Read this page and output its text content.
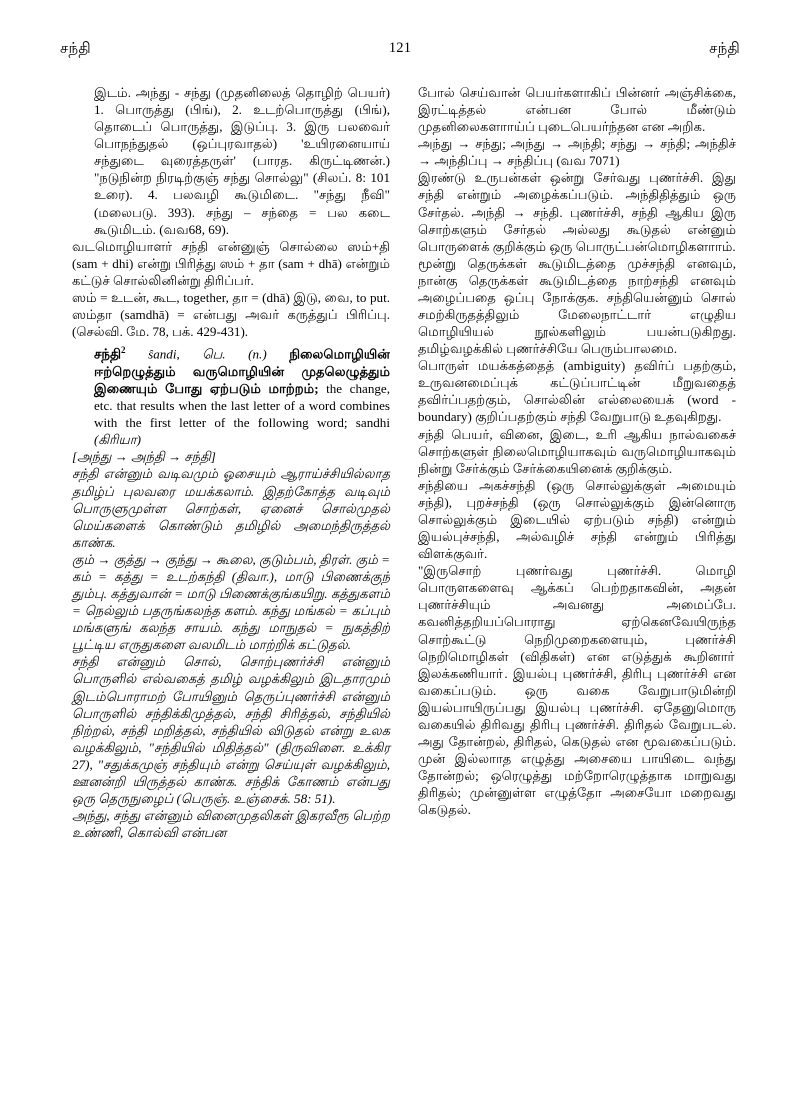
சந்தி	121	சந்தி

இடம். அந்து - சந்து (முதனிலைத் தொழிற் பெயர்) 1. பொருத்து (பிங்), 2. உடற்பொருத்து (பிங்), தொடைப் பொருத்து, இடுப்பு. 3. இரு பலவைர் பொநந்துதல் (ஒப்புரவாதல்) 'உயிரனையாய் சந்துடை வுரைத்தருள்' (பாரத. கிருட்டிணன்.) "நடுநின்ற நிரடிற்குஞ் சந்து சொல்லு" (சிலப். 8: 101 உரை). 4. பலவழி கூடுமிடை. "சந்து நீவி" (மலைபடு. 393). சந்து – சந்தை = பல கடை கூடுமிடம். (வவ68, 69).

வடமொழியாளர் சந்தி என்னுஞ் சொல்லை ஸம்+தி (sam + dhi) என்று பிரித்து ஸம் + தா (sam + dhā) என்றும் கட்டுச் சொல்லினின்று திரிப்பர்.

ஸம் = உடன், கூட, together, தா = (dhā) இடு, வை, to put. ஸம்தா (samdhā) = என்பது அவர் கருத்துப் பிரிப்பு. (செல்வி. மே. 78, பக். 429-431).

சந்தி$^2$ ŝandi, பெ. (n.) நிலைமொழியின் ஈற்றெழுத்தும் வருமொழியின் முதலெழுத்தும் இணையும் போது ஏற்படும் மாற்றம்; the change, etc. that results when the last letter of a word combines with the first letter of the following word; sandhi (கிரியா)

[அந்து → அந்தி → சந்தி]

சந்தி என்னும் வடிவமும் ஓசையும் ஆராய்ச்சியில்லாத தமிழ்ப் புலவரை மயக்கலாம். இதற்கோத்த வடிவும் பொருளுமுள்ள சொற்கள், ஏனைச் சொல்முதல் மெய்களைக் கொண்டும் தமிழில் அமைந்திருத்தல் காண்க.

கும் → குத்து → குந்து → கூலை, குடும்பம், திரள். கும் = கம் = கத்து = உடற்கந்தி (திவா.), மாடு பிணைக்குந் தும்பு. கத்துவான் = மாடு பிணைக்குங்கயிறு. கத்துகளம் = நெல்லும் பதருங்கலந்த களம். கந்து மங்கல் = கப்பும் மங்களுங் கலந்த சாயம். கந்து மாநுதல் = நுகத்திற் பூட்டிய எருதுகளை வலமிடம் மாற்றிக் கட்டுதல்.

சந்தி என்னும் சொல், சொற்புணர்ச்சி என்னும் பொருளில் எல்வகைத் தமிழ் வழக்கிலும் இடதாரமும் இடம்பொராமற் போயினும் தெருப்புணர்ச்சி என்னும் பொருளில் சந்திக்கிமுத்தல், சந்தி சிரித்தல், சந்தியில் நிற்றல், சந்தி மறித்தல், சந்தியில் விடுதல் என்று உலக வழக்கிலும், "சந்தியில் மிதித்தல்" (திருவிளை. உக்கிர 27), "சதுக்கமுஞ் சந்தியும் என்று செய்யுள் வழக்கிலும், ஊனன்றி யிருத்தல் காண்க. சந்திக் கோணம் என்பது ஒரு தெருநுழைப் (பெருஞ். உஞ்சைக். 58: 51).

அந்து, சந்து என்னும் வினைமுதலிகள் இகரவீரூ பெற்ற உண்ணி, கொல்வி என்பன

போல் செய்வான் பெயர்களாகிப் பின்னர் அஞ்சிக்கை, இரட்டித்தல் என்பன போல் மீண்டும் முதனிலைகளாாய்ப் புடைபெயர்ந்தன என அறிக.

அந்து → சந்து; அந்து → அந்தி; சந்து → சந்தி; அந்திச் → அந்திப்பு → சந்திப்பு (வவ 7071)

இரண்டு உருபன்கள் ஒன்று சேர்வது புணர்ச்சி. இது சந்தி என்றும் அழைக்கப்படும். அந்திதித்தும் ஒரு சேர்தல். அந்தி → சந்தி. புணர்ச்சி, சந்தி ஆகிய இரு சொற்களும் சேர்தல் அல்லது கூடுதல் என்னும் பொருளைக் குறிக்கும் ஒரு பொருட்பன்மொழிகளாாம்.

மூன்று தெருக்கள் கூடுமிடத்தை முச்சந்தி எனவும், நான்கு தெருக்கள் கூடுமிடத்தை நாற்சந்தி எனவும் அழைப்பதை ஒப்பு நோக்குக. சந்தியென்னும் சொல் சமற்கிருதத்திலும் மேலைநாட்டார் எழுதிய மொழியியல் நூல்களிலும் பயன்படுகிறது. தமிழ்வழக்கில் புணர்ச்சியே பெரும்பாலமை.

பொருள் மயக்கத்தைத் (ambiguity) தவிர்ப் பதற்கும், உருவனமைப்புக் கட்டுப்பாட்டின் மீறுவதைத் தவிர்ப்பதற்கும், சொல்லின் எல்லையைக் (word - boundary) குறிப்பதற்கும் சந்தி வேறுபாடு உதவுகிறது.

சந்தி பெயர், வினை, இடை, உரி ஆகிய நால்வகைச் சொற்களுள் நிலைமொழியாகவும் வருமொழியாகவும் நின்று சேர்க்கும் சேர்க்கையினைக் குறிக்கும்.

சந்தியை அகச்சந்தி (ஒரு சொல்லுக்குள் அமையும் சந்தி), புறச்சந்தி (ஒரு சொல்லுக்கும் இன்னொரு சொல்லுக்கும் இடையில் ஏற்படும் சந்தி) என்றும் இயல்புச்சந்தி, அல்வழிச் சந்தி என்றும் பிரித்து விளக்குவர்.

"இருசொற் புணர்வது புணர்ச்சி. மொழி பொருளகளைவு ஆக்கப் பெற்றதாகவின், அதன் புணர்ச்சியும் அவனது அமைப்பே. கவனித்தறியப்பொராது ஏற்கெனவேயிருந்த சொற்கூட்டு நெறிமுறைகளையும், புணர்ச்சி நெறிமொழிகள் (விதிகள்) என எடுத்துக் கூறினாா் இலக்கணியாா். இயல்பு புணர்ச்சி, திரிபு புணர்ச்சி என வகைப்படும். ஒரு வகை வேறுபாடுமின்றி இயல்பாயிருப்பது இயல்பு புணர்ச்சி. ஏதேனுமொரு வகையில் திரிவது திரிபு புணர்ச்சி. திரிதல் வேறுபடல். அது தோன்றல், திரிதல், கெடுதல் என மூவகைப்படும். முன் இல்லாாத எழுத்து அசையை பாயிடை வந்து தோன்றல்; ஒரெழுத்து மற்றோரெழுத்தாக மாறுவது திரிதல்; முன்னுள்ள எழுத்தோ அசையோ மறைவது கெடுதல்.
